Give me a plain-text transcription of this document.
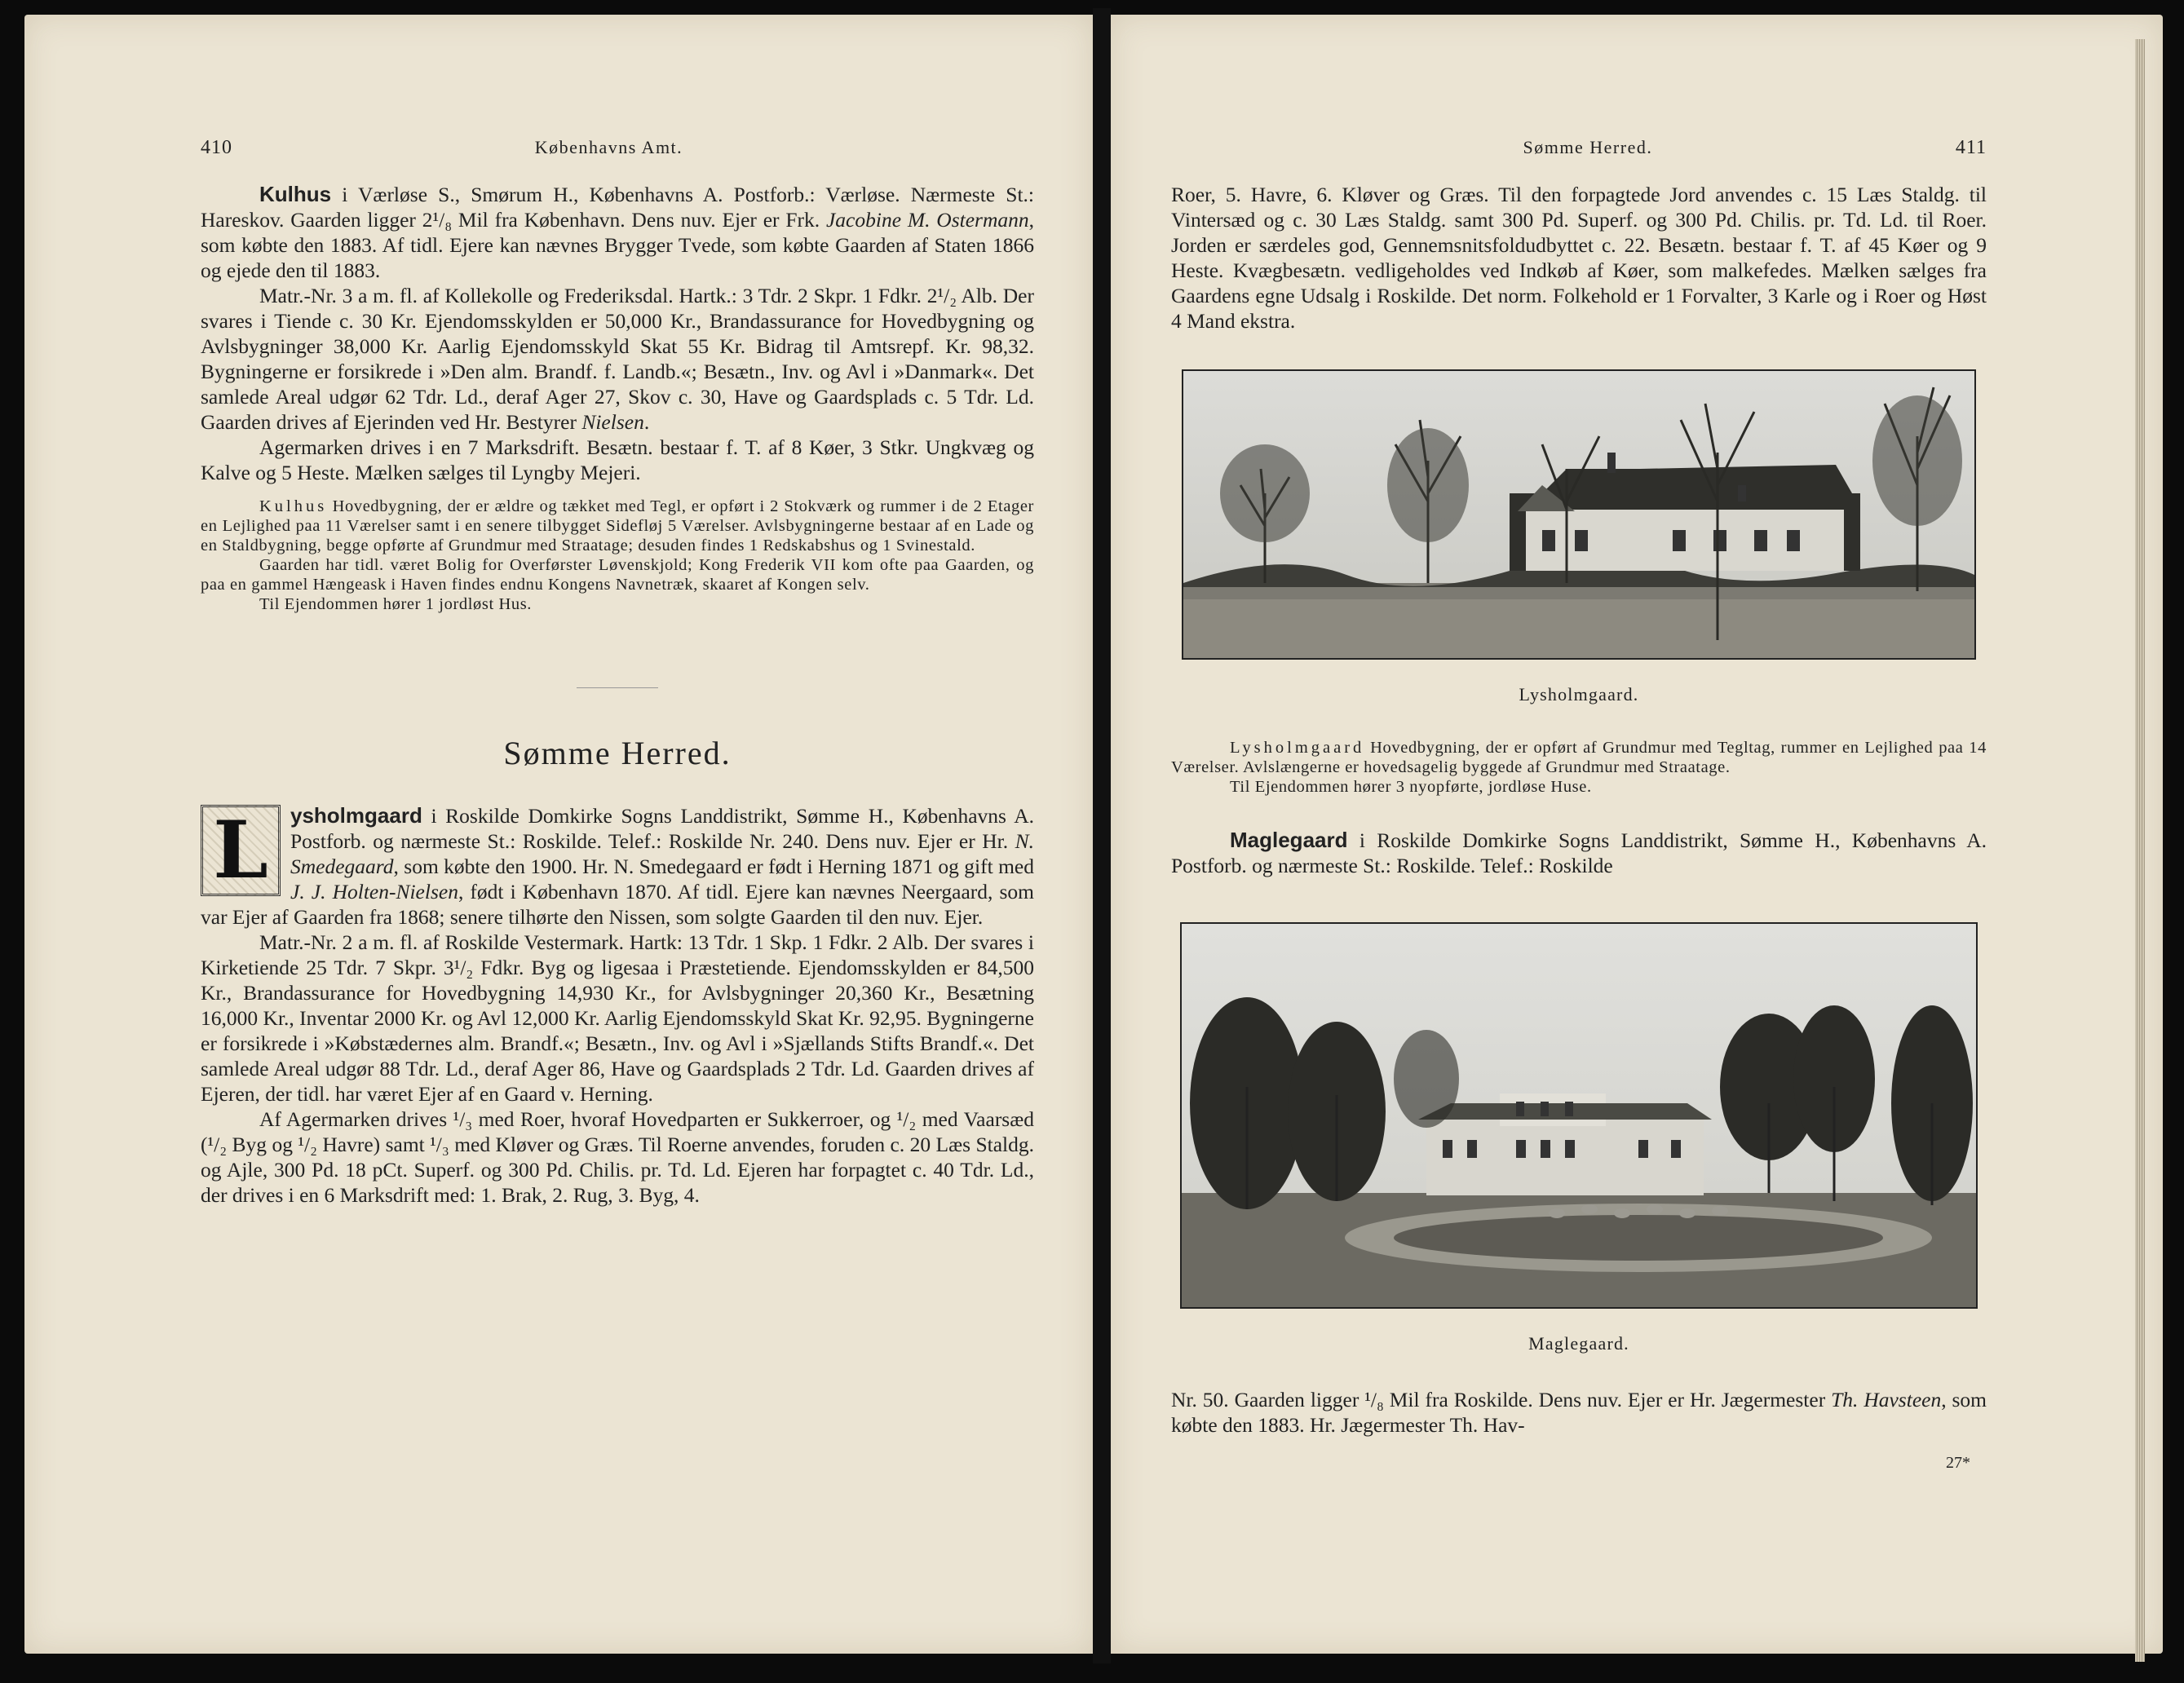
410	Københavns Amt.

Kulhus i Værløse S., Smørum H., Københavns A. Postforb.: Værløse. Nærmeste St.: Hareskov. Gaarden ligger 2¹/₈ Mil fra København. Dens nuv. Ejer er Frk. Jacobine M. Ostermann, som købte den 1883. Af tidl. Ejere kan nævnes Brygger Tvede, som købte Gaarden af Staten 1866 og ejede den til 1883.

Matr.-Nr. 3 a m. fl. af Kollekolle og Frederiksdal. Hartk.: 3 Tdr. 2 Skpr. 1 Fdkr. 2¹/₂ Alb. Der svares i Tiende c. 30 Kr. Ejendomsskylden er 50,000 Kr., Brandassurance for Hovedbygning og Avlsbygninger 38,000 Kr. Aarlig Ejendomsskyld Skat 55 Kr. Bidrag til Amtsrepf. Kr. 98,32. Bygningerne er forsikrede i »Den alm. Brandf. f. Landb.«; Besætn., Inv. og Avl i »Danmark«. Det samlede Areal udgør 62 Tdr. Ld., deraf Ager 27, Skov c. 30, Have og Gaardsplads c. 5 Tdr. Ld. Gaarden drives af Ejerinden ved Hr. Bestyrer Nielsen.

Agermarken drives i en 7 Marksdrift. Besætn. bestaar f. T. af 8 Køer, 3 Stkr. Ungkvæg og Kalve og 5 Heste. Mælken sælges til Lyngby Mejeri.

Kulhus Hovedbygning, der er ældre og tækket med Tegl, er opført i 2 Stokværk og rummer i de 2 Etager en Lejlighed paa 11 Værelser samt i en senere tilbygget Sidefløj 5 Værelser. Avlsbygningerne bestaar af en Lade og en Staldbygning, begge opførte af Grundmur med Straatage; desuden findes 1 Redskabshus og 1 Svinestald.

Gaarden har tidl. været Bolig for Overførster Løvenskjold; Kong Frederik VII kom ofte paa Gaarden, og paa en gammel Hængeask i Haven findes endnu Kongens Navnetræk, skaaret af Kongen selv.

Til Ejendommen hører 1 jordløst Hus.

Sømme Herred.
L	ysholmgaard i Roskilde Domkirke Sogns Landdistrikt, Sømme H., Københavns A. Postforb. og nærmeste St.: Roskilde. Telef.: Roskilde Nr. 240. Dens nuv. Ejer er Hr. N. Smedegaard, som købte den 1900. Hr. N. Smedegaard er født i Herning 1871 og gift med J. J. Holten-Nielsen, født i København 1870. Af tidl. Ejere kan nævnes Neergaard, som var Ejer af Gaarden fra 1868; senere tilhørte den Nissen, som solgte Gaarden til den nuv. Ejer.

Matr.-Nr. 2 a m. fl. af Roskilde Vestermark. Hartk: 13 Tdr. 1 Skp. 1 Fdkr. 2 Alb. Der svares i Kirketiende 25 Tdr. 7 Skpr. 3¹/₂ Fdkr. Byg og ligesaa i Præstetiende. Ejendomsskylden er 84,500 Kr., Brandassurance for Hovedbygning 14,930 Kr., for Avlsbygninger 20,360 Kr., Besætning 16,000 Kr., Inventar 2000 Kr. og Avl 12,000 Kr. Aarlig Ejendomsskyld Skat Kr. 92,95. Bygningerne er forsikrede i »Købstædernes alm. Brandf.«; Besætn., Inv. og Avl i »Sjællands Stifts Brandf.«. Det samlede Areal udgør 88 Tdr. Ld., deraf Ager 86, Have og Gaardsplads 2 Tdr. Ld. Gaarden drives af Ejeren, der tidl. har været Ejer af en Gaard v. Herning.

Af Agermarken drives ¹/₃ med Roer, hvoraf Hovedparten er Sukkerroer, og ¹/₂ med Vaarsæd (¹/₂ Byg og ¹/₂ Havre) samt ¹/₃ med Kløver og Græs. Til Roerne anvendes, foruden c. 20 Læs Staldg. og Ajle, 300 Pd. 18 pCt. Superf. og 300 Pd. Chilis. pr. Td. Ld. Ejeren har forpagtet c. 40 Tdr. Ld., der drives i en 6 Marksdrift med: 1. Brak, 2. Rug, 3. Byg, 4.

Sømme Herred.	411

Roer, 5. Havre, 6. Kløver og Græs. Til den forpagtede Jord anvendes c. 15 Læs Staldg. til Vintersæd og c. 30 Læs Staldg. samt 300 Pd. Superf. og 300 Pd. Chilis. pr. Td. Ld. til Roer. Jorden er særdeles god, Gennemsnitsfoldudbyttet c. 22. Besætn. bestaar f. T. af 45 Køer og 9 Heste. Kvægbesætn. vedligeholdes ved Indkøb af Køer, som malkefedes. Mælken sælges fra Gaardens egne Udsalg i Roskilde. Det norm. Folkehold er 1 Forvalter, 3 Karle og i Roer og Høst 4 Mand ekstra.

Lysholmgaard.

Lysholmgaard Hovedbygning, der er opført af Grundmur med Tegltag, rummer en Lejlighed paa 14 Værelser. Avlslængerne er hovedsagelig byggede af Grundmur med Straatage.

Til Ejendommen hører 3 nyopførte, jordløse Huse.

Maglegaard i Roskilde Domkirke Sogns Landdistrikt, Sømme H., Københavns A. Postforb. og nærmeste St.: Roskilde. Telef.: Roskilde

Maglegaard.

Nr. 50. Gaarden ligger ¹/₈ Mil fra Roskilde. Dens nuv. Ejer er Hr. Jægermester Th. Havsteen, som købte den 1883. Hr. Jægermester Th. Hav-

27*
